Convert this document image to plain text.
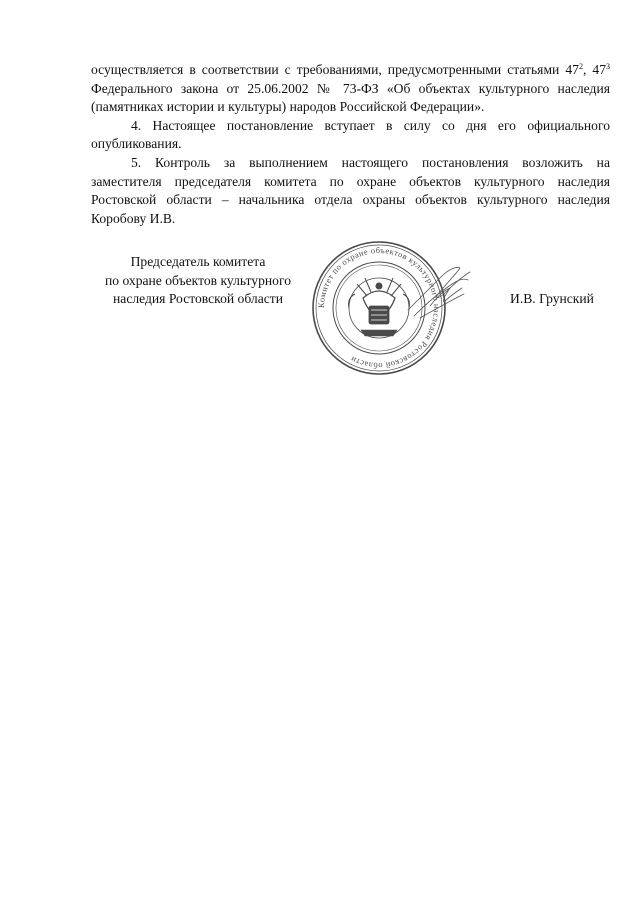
осуществляется в соответствии с требованиями, предусмотренными статьями $47^2$, $47^3$ Федерального закона от 25.06.2002 № 73-ФЗ «Об объектах культурного наследия (памятниках истории и культуры) народов Российской Федерации».

4. Настоящее постановление вступает в силу со дня его официального опубликования.

5. Контроль за выполнением настоящего постановления возложить на заместителя председателя комитета по охране объектов культурного наследия Ростовской области – начальника отдела охраны объектов культурного наследия Коробову И.В.

Председатель комитета
по охране объектов культурного
наследия Ростовской области	Комитет по охране объектов культурного наследия Ростовской области
И.В. Грунский
